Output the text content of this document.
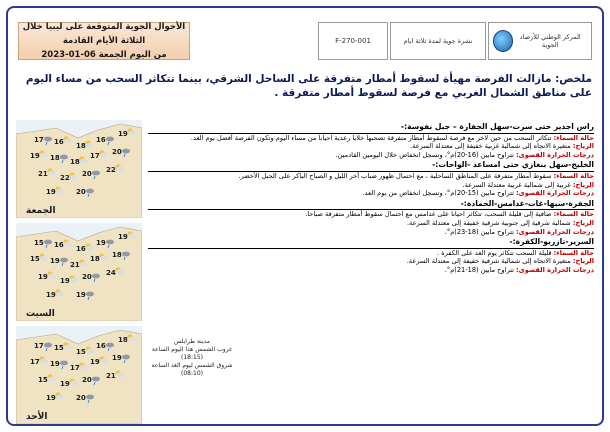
الأحوال الجوية المتوقعة على ليبيا خلال الثلاثة الأيام القادمة
من اليوم الجمعة 06-01-2023
F-270-001	نشرة جوية لمدة ثلاثة ايام	المركز الوطني للأرصاد الجوية
ملخص: مازالت الفرصة مهيأة لسقوط أمطار متفرقة على الساحل الشرقي، بينما تتكاثر السحب من مساء اليوم على مناطق الشمال الغربي مع فرصة لسقوط أمطار متفرقة .
17 16 18
16
19
19 18 18
17 20
21 22 20 22
19	20
الجمعة
15 16 16
19
19
15 19 21
18 18
19 19 20 24
19	19
السبت
17 15 15
16
18
17 19 17
19 19
15 19 20 21
19	20
الأحد
راس اجدير حتى سرت-سهل الجفارة – جبل نفوسة:-
حالة السماء: تتكاثر السحب من حين لاخر مع فرصة لسقوط أمطار متفرقة تصحبها خلايا رعدية احيانا من مساء اليوم وتكون الفرصة أفضل يوم الغد.
الرياح: متغيرة الاتجاه إلى شمالية غربية خفيفة إلى معتدلة السرعة.
درجات الحرارة القصوى: تتراوح مابين (16-20)م°، وتسجل انخفاض خلال اليومين القادمين.
الخليج-سهل بنغازي حتى امساعد -الواحات:-
حالة السماء: سقوط أمطار متفرقة على المناطق الساحلية ، مع احتمال ظهور ضباب آخر الليل و الصباح الباكر على الجبل الأخضر.
الرياح: غربية إلى شمالية غربية معتدلة السرعة.
درجات الحرارة القصوى: تتراوح مابين (15-20)م°، وتسجل انخفاض من يوم الغد.
الجفرة-سبها-غات-غدامس-الحمادة:-
حالة السماء: صافية إلى قليلة السحب، تتكاثر احيانا على غدامس مع احتمال سقوط أمطار متفرقة صباحا.
الرياح: شمالية شرقية إلى جنوبية شرقية خفيفة إلى معتدلة السرعة.
درجات الحرارة القصوى: تتراوح مابين (18-23)م°.
السرير-تازربو-الكفرة:-
حالة السماء: قليلة السحب تتكاثر يوم الغد على الكفرة .
الرياح: متغيرة الاتجاه إلى شمالية شرقية خفيفة إلى معتدلة السرعة.
درجات الحرارة القصوى: تتراوح مابين (18-21)م°.
مدينة طرابلس
غروب الشمس هذا اليوم الساعة (18:15)
شروق الشمس ليوم الغد الساعة (08:10)
